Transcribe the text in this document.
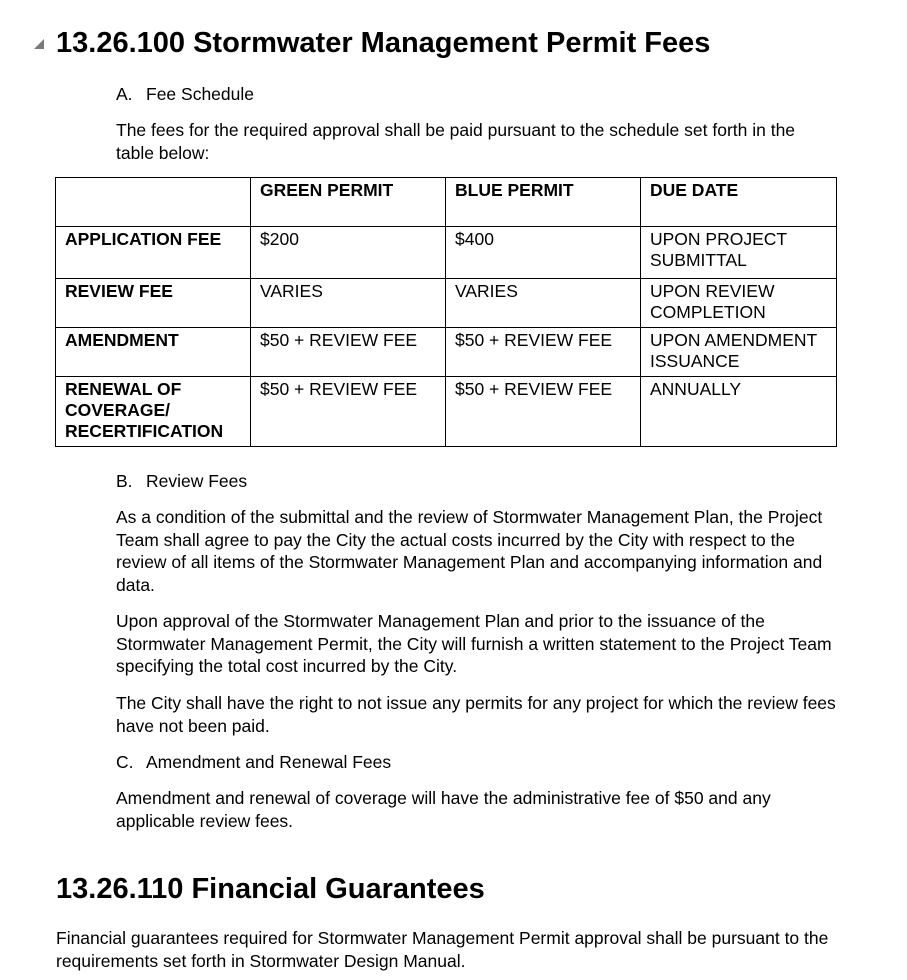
13.26.100 Stormwater Management Permit Fees
A. Fee Schedule

The fees for the required approval shall be paid pursuant to the schedule set forth in the table below:

	GREEN PERMIT	BLUE PERMIT	DUE DATE
APPLICATION FEE	$200	$400	UPON PROJECT SUBMITTAL
REVIEW FEE	VARIES	VARIES	UPON REVIEW COMPLETION
AMENDMENT	$50 + REVIEW FEE	$50 + REVIEW FEE	UPON AMENDMENT ISSUANCE
RENEWAL OF COVERAGE/ RECERTIFICATION	$50 + REVIEW FEE	$50 + REVIEW FEE	ANNUALLY
B. Review Fees

As a condition of the submittal and the review of Stormwater Management Plan, the Project Team shall agree to pay the City the actual costs incurred by the City with respect to the review of all items of the Stormwater Management Plan and accompanying information and data.

Upon approval of the Stormwater Management Plan and prior to the issuance of the Stormwater Management Permit, the City will furnish a written statement to the Project Team specifying the total cost incurred by the City.

The City shall have the right to not issue any permits for any project for which the review fees have not been paid.

C. Amendment and Renewal Fees

Amendment and renewal of coverage will have the administrative fee of $50 and any applicable review fees.

13.26.110 Financial Guarantees

Financial guarantees required for Stormwater Management Permit approval shall be pursuant to the requirements set forth in Stormwater Design Manual.
